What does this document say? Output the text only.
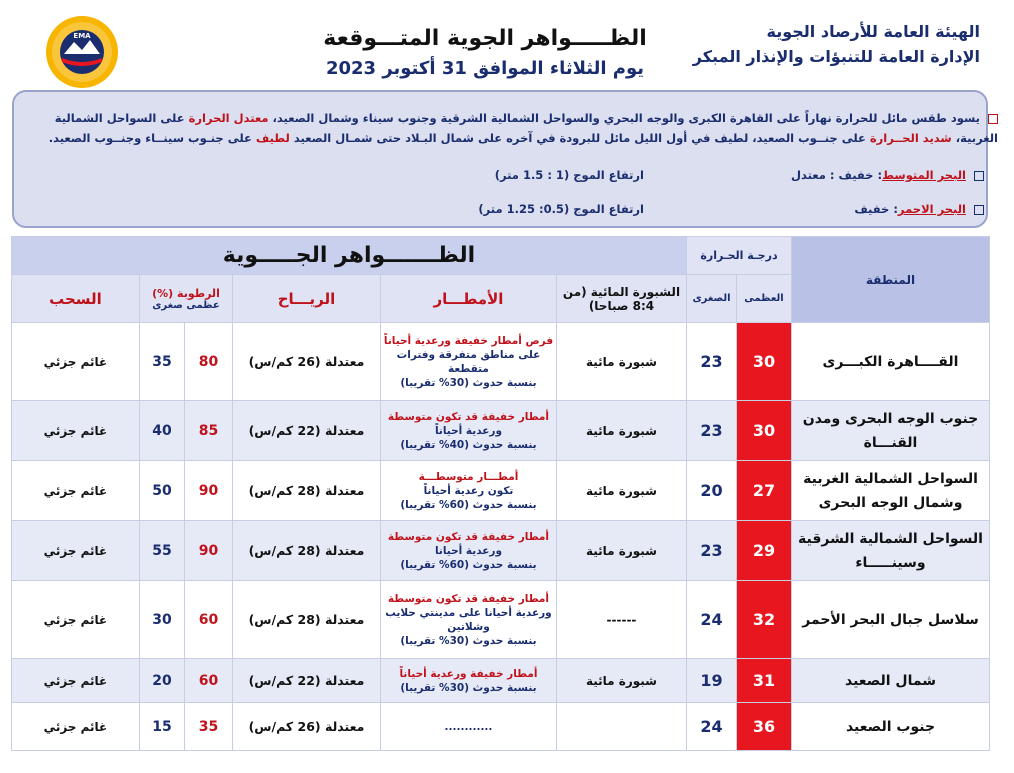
الهيئة العامة للأرصاد الجوية
الإدارة العامة للتنبؤات والإنذار المبكر
الظـــــواهر الجوية المتـــوقعة
يوم الثلاثاء الموافق 31 أكتوبر 2023
EMA
يسود طقس مائل للحرارة نهاراً على القاهرة الكبرى والوجه البحري والسواحل الشمالية الشرقية وجنوب سيناء وشمال الصعيد، معتدل الحرارة على السواحل الشمالية الغربية، شديد الحــرارة على جنــوب الصعيد، لطيف في أول الليل مائل للبرودة في آخره على شمال البـلاد حتى شمـال الصعيد لطيف على جنـوب سينــاء وجنــوب الصعيد.
البحر المتوسط: خفيف : معتدل
ارتفاع الموج (1 : 1.5 متر)
البحر الاحمر: خفيف
ارتفاع الموج (0.5: 1.25 متر)
المنطقة	درجـة الحـرارة		الظـــــــواهر الجـــــوية					
	العظمى	الصغرى	الشبورة المائية (من 8:4 صباحا)	الأمطـــار	الريـــاح	الرطوبة (%)
عظمى صغرى		السحب
القــــاهرة الكبـــرى	30	23	شبورة مائية	فرص أمطار خفيفة ورعدية أحياناً
على مناطق متفرقة وفترات متقطعة
بنسبة حدوث (30% تقريبا)	معتدلة (26 كم/س)	80	35	غائم جزئي
جنوب الوجه البحرى ومدن القنـــاة	30	23	شبورة مائية	أمطار خفيفة قد تكون متوسطة
ورعدية أحياناً
بنسبة حدوث (40% تقريبا)	معتدلة (22 كم/س)	85	40	غائم جزئي
السواحل الشمالية الغربية وشمال الوجه البحرى	27	20	شبورة مائية	أمطـــار متوسطـــة
تكون رعدية أحياناً
بنسبة حدوث (60% تقريبا)	معتدلة (28 كم/س)	90	50	غائم جزئي
السواحل الشمالية الشرقية وسينـــــاء	29	23	شبورة مائية	أمطار خفيفة قد تكون متوسطة
ورعدية أحيانا
بنسبة حدوث (60% تقريبا)	معتدلة (28 كم/س)	90	55	غائم جزئي
سلاسل جبال البحر الأحمر	32	24	------	أمطار خفيفة قد تكون متوسطة
ورعدية أحيانا على مدينتي حلايب وشلاتين
بنسبة حدوث (30% تقريبا)	معتدلة (28 كم/س)	60	30	غائم جزئي
شمال الصعيد	31	19	شبورة مائية	أمطار خفيفة ورعدية أحياناً
بنسبة حدوث (30% تقريبا)	معتدلة (22 كم/س)	60	20	غائم جزئي
جنوب الصعيد	36	24		............	معتدلة (26 كم/س)	35	15	غائم جزئي
